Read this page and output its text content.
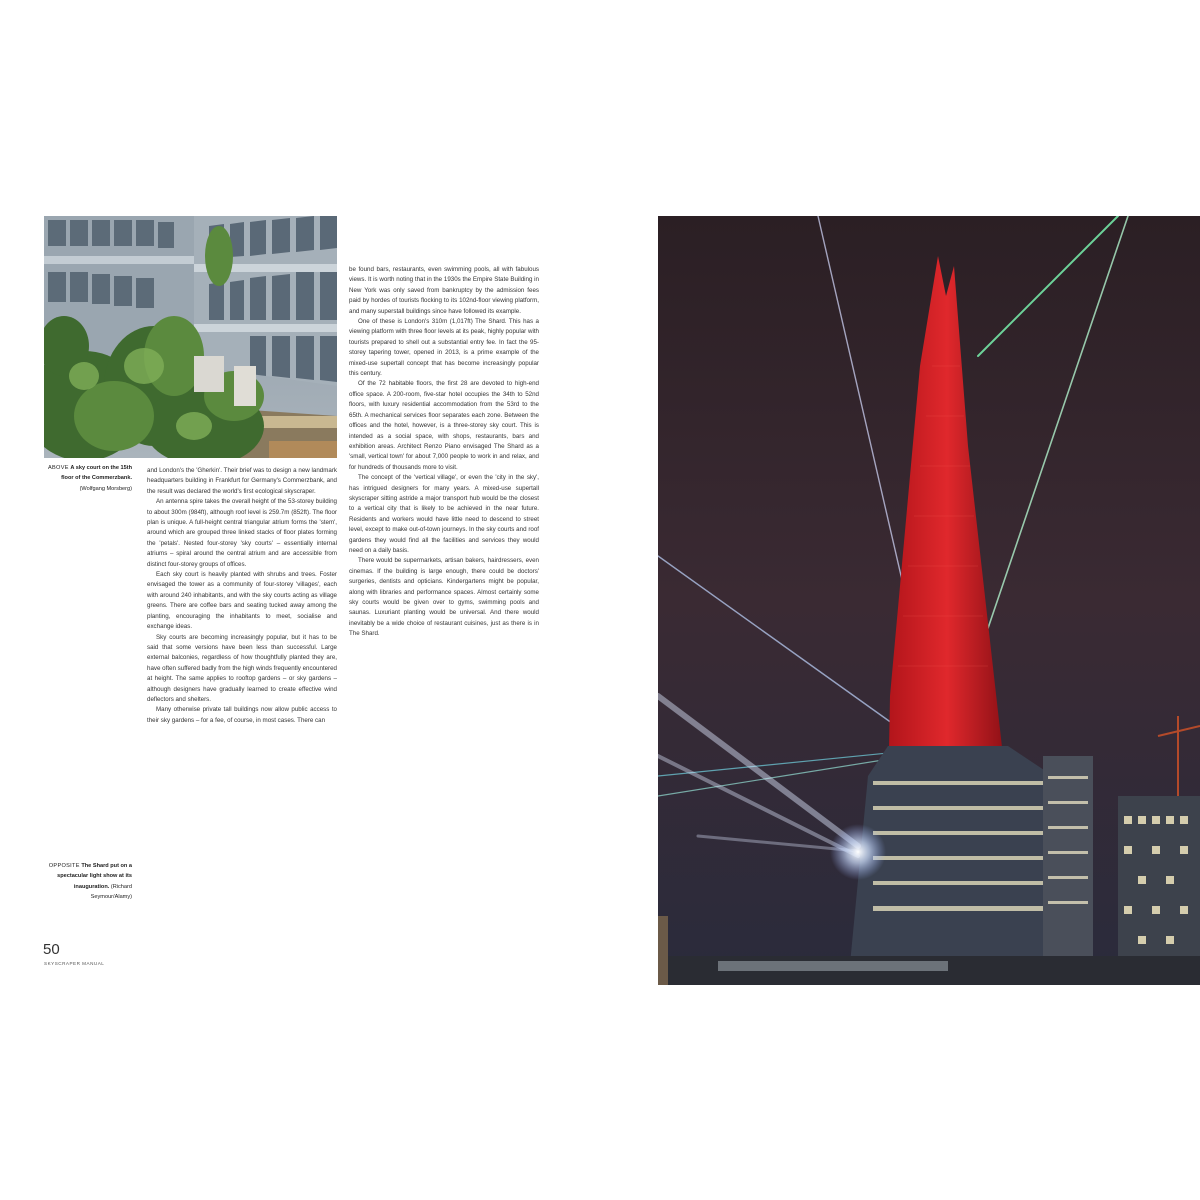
ABOVE A sky court on the 15th floor of the Commerzbank. (Wolfgang Morsberg)
OPPOSITE The Shard put on a spectacular light show at its inauguration. (Richard Seymour/Alamy)

and London's the 'Gherkin'. Their brief was to design a new landmark headquarters building in Frankfurt for Germany's Commerzbank, and the result was declared the world's first ecological skyscraper.

An antenna spire takes the overall height of the 53-storey building to about 300m (984ft), although roof level is 259.7m (852ft). The floor plan is unique. A full-height central triangular atrium forms the 'stem', around which are grouped three linked stacks of floor plates forming the 'petals'. Nested four-storey 'sky courts' – essentially internal atriums – spiral around the central atrium and are accessible from distinct four-storey groups of offices.

Each sky court is heavily planted with shrubs and trees. Foster envisaged the tower as a community of four-storey 'villages', each with around 240 inhabitants, and with the sky courts acting as village greens. There are coffee bars and seating tucked away among the planting, encouraging the inhabitants to meet, socialise and exchange ideas.

Sky courts are becoming increasingly popular, but it has to be said that some versions have been less than successful. Large external balconies, regardless of how thoughtfully planted they are, have often suffered badly from the high winds frequently encountered at height. The same applies to rooftop gardens – or sky gardens – although designers have gradually learned to create effective wind deflectors and shelters.

Many otherwise private tall buildings now allow public access to their sky gardens – for a fee, of course, in most cases. There can

be found bars, restaurants, even swimming pools, all with fabulous views. It is worth noting that in the 1930s the Empire State Building in New York was only saved from bankruptcy by the admission fees paid by hordes of tourists flocking to its 102nd-floor viewing platform, and many superstall buildings since have followed its example.

One of these is London's 310m (1,017ft) The Shard. This has a viewing platform with three floor levels at its peak, highly popular with tourists prepared to shell out a substantial entry fee. In fact the 95-storey tapering tower, opened in 2013, is a prime example of the mixed-use supertall concept that has become increasingly popular this century.

Of the 72 habitable floors, the first 28 are devoted to high-end office space. A 200-room, five-star hotel occupies the 34th to 52nd floors, with luxury residential accommodation from the 53rd to the 65th. A mechanical services floor separates each zone. Between the offices and the hotel, however, is a three-storey sky court. This is intended as a social space, with shops, restaurants, bars and exhibition areas. Architect Renzo Piano envisaged The Shard as a 'small, vertical town' for about 7,000 people to work in and relax, and for hundreds of thousands more to visit.

The concept of the 'vertical village', or even the 'city in the sky', has intrigued designers for many years. A mixed-use supertall skyscraper sitting astride a major transport hub would be the closest to a vertical city that is likely to be achieved in the near future. Residents and workers would have little need to descend to street level, except to make out-of-town journeys. In the sky courts and roof gardens they would find all the facilities and services they would need on a daily basis.

There would be supermarkets, artisan bakers, hairdressers, even cinemas. If the building is large enough, there could be doctors' surgeries, dentists and opticians. Kindergartens might be popular, along with libraries and performance spaces. Almost certainly some sky courts would be given over to gyms, swimming pools and saunas. Luxuriant planting would be universal. And there would inevitably be a wide choice of restaurant cuisines, just as there is in The Shard.

50
SKYSCRAPER MANUAL
